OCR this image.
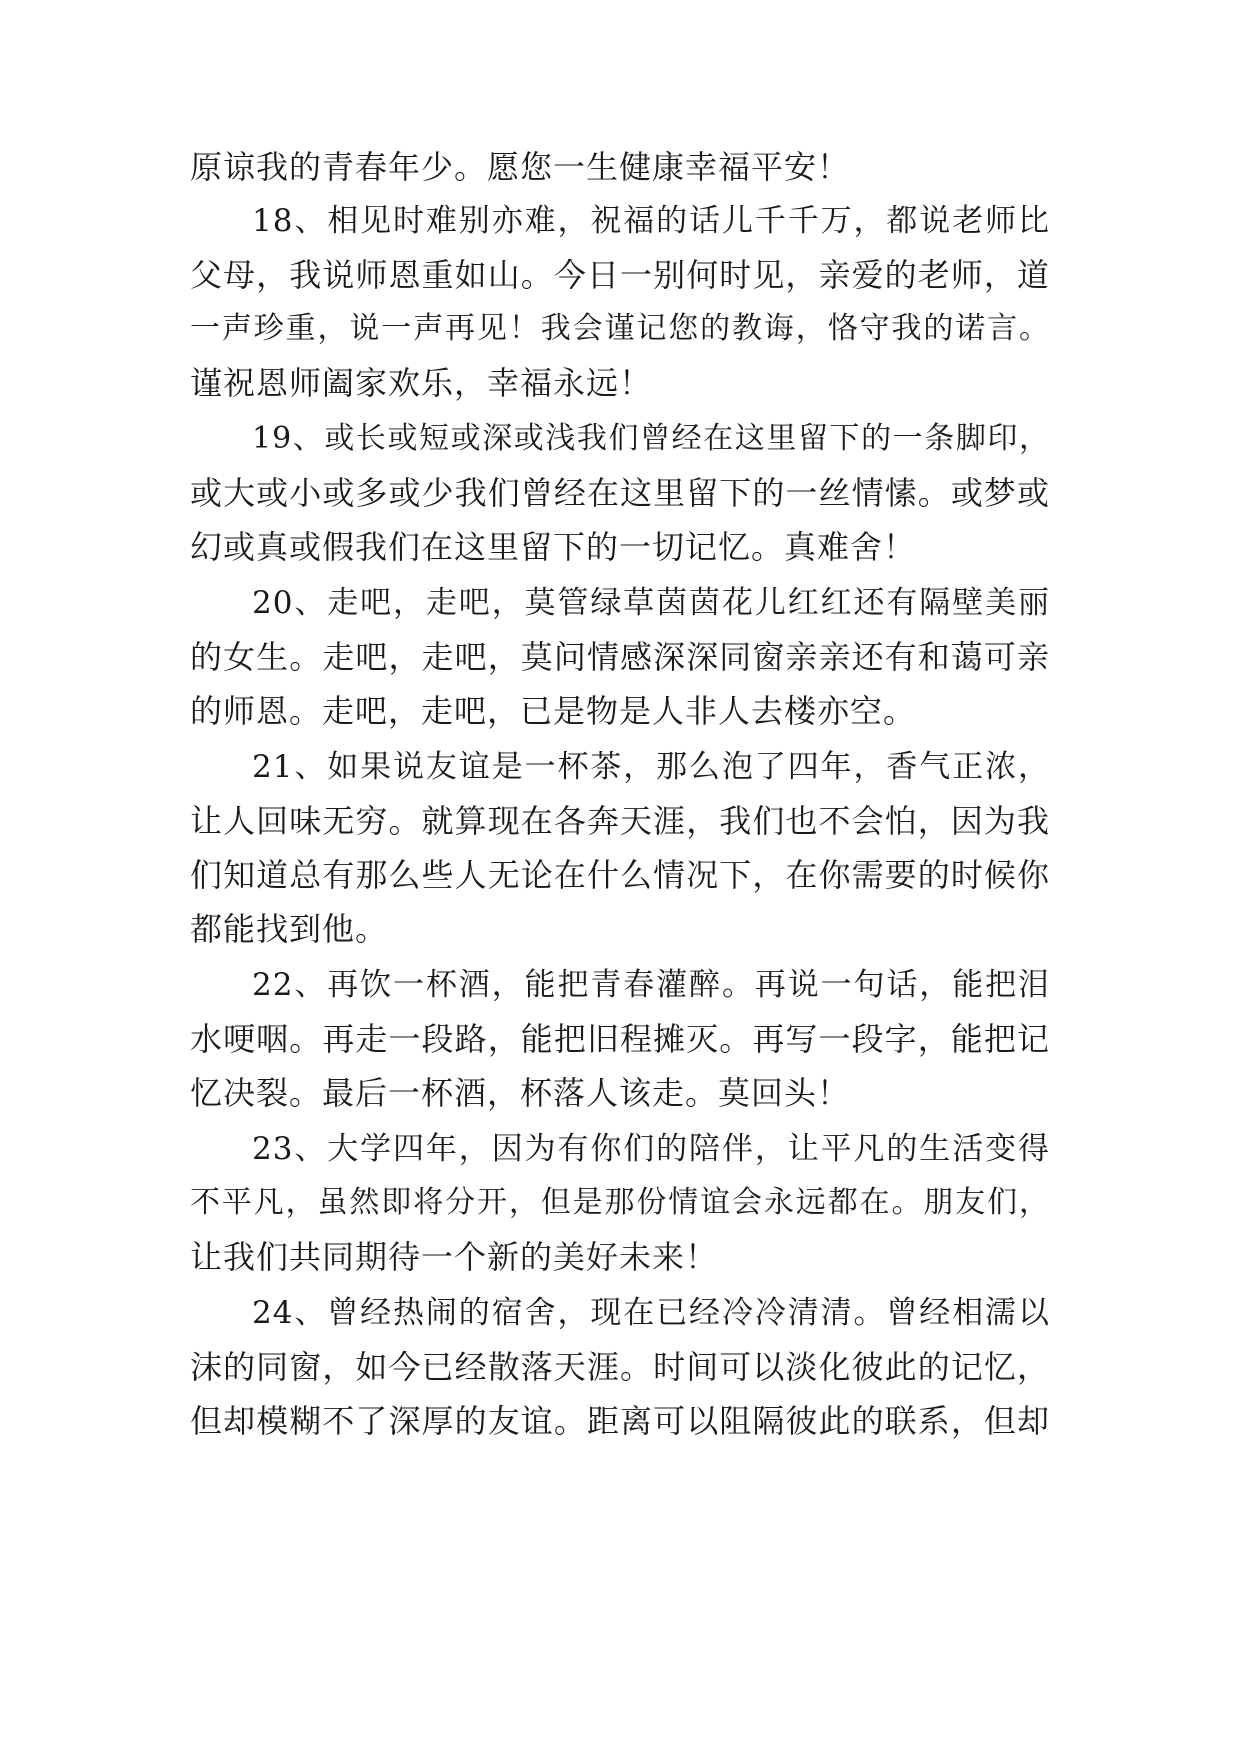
原谅我的青春年少。愿您一生健康幸福平安！
18、相见时难别亦难，祝福的话儿千千万，都说老师比
父母，我说师恩重如山。今日一别何时见，亲爱的老师，道
一声珍重，说一声再见！我会谨记您的教诲，恪守我的诺言。
谨祝恩师阖家欢乐，幸福永远！
19、或长或短或深或浅我们曾经在这里留下的一条脚印，
或大或小或多或少我们曾经在这里留下的一丝情愫。或梦或
幻或真或假我们在这里留下的一切记忆。真难舍！
20、走吧，走吧，莫管绿草茵茵花儿红红还有隔壁美丽
的女生。走吧，走吧，莫问情感深深同窗亲亲还有和蔼可亲
的师恩。走吧，走吧，已是物是人非人去楼亦空。
21、如果说友谊是一杯茶，那么泡了四年，香气正浓，
让人回味无穷。就算现在各奔天涯，我们也不会怕，因为我
们知道总有那么些人无论在什么情况下，在你需要的时候你
都能找到他。
22、再饮一杯酒，能把青春灌醉。再说一句话，能把泪
水哽咽。再走一段路，能把旧程摊灭。再写一段字，能把记
忆决裂。最后一杯酒，杯落人该走。莫回头！
23、大学四年，因为有你们的陪伴，让平凡的生活变得
不平凡，虽然即将分开，但是那份情谊会永远都在。朋友们，
让我们共同期待一个新的美好未来！
24、曾经热闹的宿舍，现在已经冷冷清清。曾经相濡以
沫的同窗，如今已经散落天涯。时间可以淡化彼此的记忆，
但却模糊不了深厚的友谊。距离可以阻隔彼此的联系，但却
